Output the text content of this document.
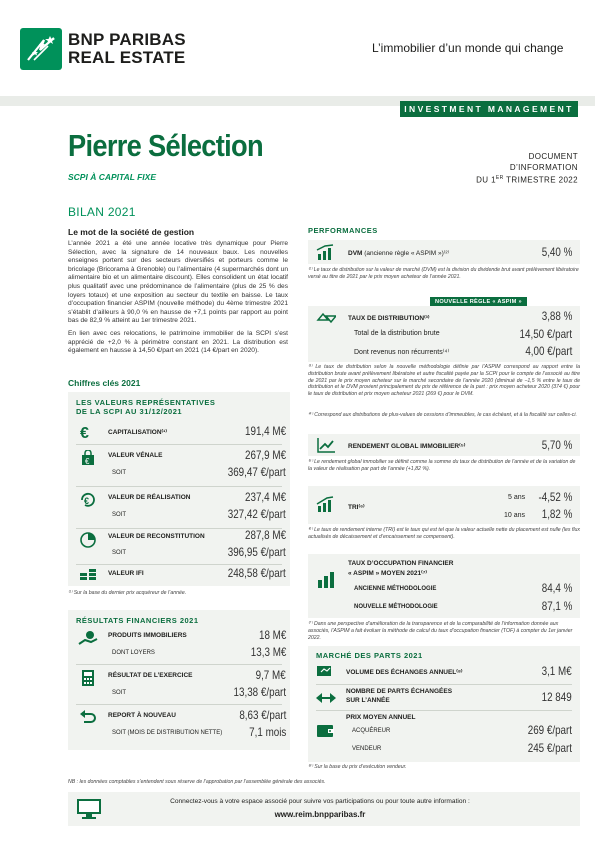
BNP PARIBAS
REAL ESTATE	L’immobilier d’un monde qui change
INVESTMENT MANAGEMENT
Pierre Sélection
SCPI À CAPITAL FIXE
DOCUMENT
D’INFORMATION
DU 1ER TRIMESTRE 2022
BILAN 2021
Le mot de la société de gestion
L’année 2021 a été une année locative très dynamique pour Pierre Sélection, avec la signature de 14 nouveaux baux. Les nouvelles enseignes portent sur des secteurs diversifiés et porteurs comme le bricolage (Bricorama à Grenoble) ou l’alimentaire (4 supermarchés dont un alimentaire bio et un alimentaire discount). Elles consolident un état locatif plus qualitatif avec une prédominance de l’alimentaire (plus de 25 % des loyers totaux) et une exposition au secteur du textile en baisse. Le taux d’occupation financier ASPIM (nouvelle méthode) du 4ème trimestre 2021 s’établit d’ailleurs à 90,0 % en hausse de +7,1 points par rapport au point bas de 82,9 % atteint au 1er trimestre 2021.
En lien avec ces relocations, le patrimoine immobilier de la SCPI s’est apprécié de +2,0 % à périmètre constant en 2021. La distribution est également en hausse à 14,50 €/part en 2021 (14 €/part en 2020).
Chiffres clés 2021
LES VALEURS REPRÉSENTATIVES
DE LA SCPI AU 31/12/2021
€	CAPITALISATION⁽¹⁾	191,4 M€
€
VALEUR VÉNALE	267,9 M€
SOIT	369,47 €/part
€	VALEUR DE RÉALISATION	237,4 M€
SOIT	327,42 €/part
VALEUR DE RECONSTITUTION	287,8 M€
SOIT	396,95 €/part
VALEUR IFI	248,58 €/part
⁽¹⁾ Sur la base du dernier prix acquéreur de l’année.
RÉSULTATS FINANCIERS 2021
PRODUITS IMMOBILIERS	18 M€
DONT LOYERS	13,3 M€
RÉSULTAT DE L’EXERCICE	9,7 M€
SOIT	13,38 €/part
REPORT À NOUVEAU	8,63 €/part
SOIT (MOIS DE DISTRIBUTION NETTE) 7,1 mois
NB : les données comptables s’entendent sous réserve de l’approbation par l’assemblée générale des associés.
PERFORMANCES
DVM (ancienne règle « ASPIM »)⁽²⁾	5,40 %
⁽²⁾ Le taux de distribution sur la valeur de marché (DVM) est la division du dividende brut avant prélèvement libératoire versé au titre de 2021 par le prix moyen acheteur de l’année 2021.
NOUVELLE RÈGLE « ASPIM »
TAUX DE DISTRIBUTION⁽³⁾	3,88 %
Total de la distribution brute	14,50 €/part
Dont revenus non récurrents⁽⁴⁾	4,00 €/part
⁽³⁾ Le taux de distribution selon la nouvelle méthodologie définie par l’ASPIM correspond au rapport entre la distribution brute avant prélèvement libératoire et autre fiscalité payée par la SCPI pour le compte de l’associé au titre de 2021 par le prix moyen acheteur sur le marché secondaire de l’année 2020 (diminué de −1,5 % entre le taux de distribution et le DVM provient principalement du prix de référence de la part : prix moyen acheteur 2020 (374 €) pour le taux de distribution et prix moyen acheteur 2021 (269 €) pour le DVM.
⁽⁴⁾ Correspond aux distributions de plus-values de cessions d’immeubles, le cas échéant, et à la fiscalité sur celles-ci.
RENDEMENT GLOBAL IMMOBILIER⁽⁵⁾	5,70 %
⁽⁵⁾ Le rendement global immobilier se définit comme la somme du taux de distribution de l’année et de la variation de la valeur de réalisation par part de l’année (+1,82 %).
TRI⁽⁶⁾
5 ans -4,52 %
10 ans 1,82 %
⁽⁶⁾ Le taux de rendement interne (TRI) est le taux qui est tel que la valeur actuelle nette du placement est nulle (les flux actualisés de décaissement et d’encaissement se compensent).
TAUX D’OCCUPATION FINANCIER
« ASPIM » MOYEN 2021⁽⁷⁾
ANCIENNE MÉTHODOLOGIE	84,4 %
NOUVELLE MÉTHODOLOGIE	87,1 %
⁽⁷⁾ Dans une perspective d’amélioration de la transparence et de la comparabilité de l’information donnée aux associés, l’ASPIM a fait évoluer la méthode de calcul du taux d’occupation financier (TOF) à compter du 1er janvier 2022.
MARCHÉ DES PARTS 2021
VOLUME DES ÉCHANGES ANNUEL⁽⁸⁾	3,1 M€
NOMBRE DE PARTS ÉCHANGÉES
SUR L’ANNÉE	12 849
PRIX MOYEN ANNUEL
ACQUÉREUR	269 €/part
VENDEUR	245 €/part
⁽⁸⁾ Sur la base du prix d’exécution vendeur.
Connectez-vous à votre espace associé pour suivre vos participations ou pour toute autre information :
www.reim.bnpparibas.fr
